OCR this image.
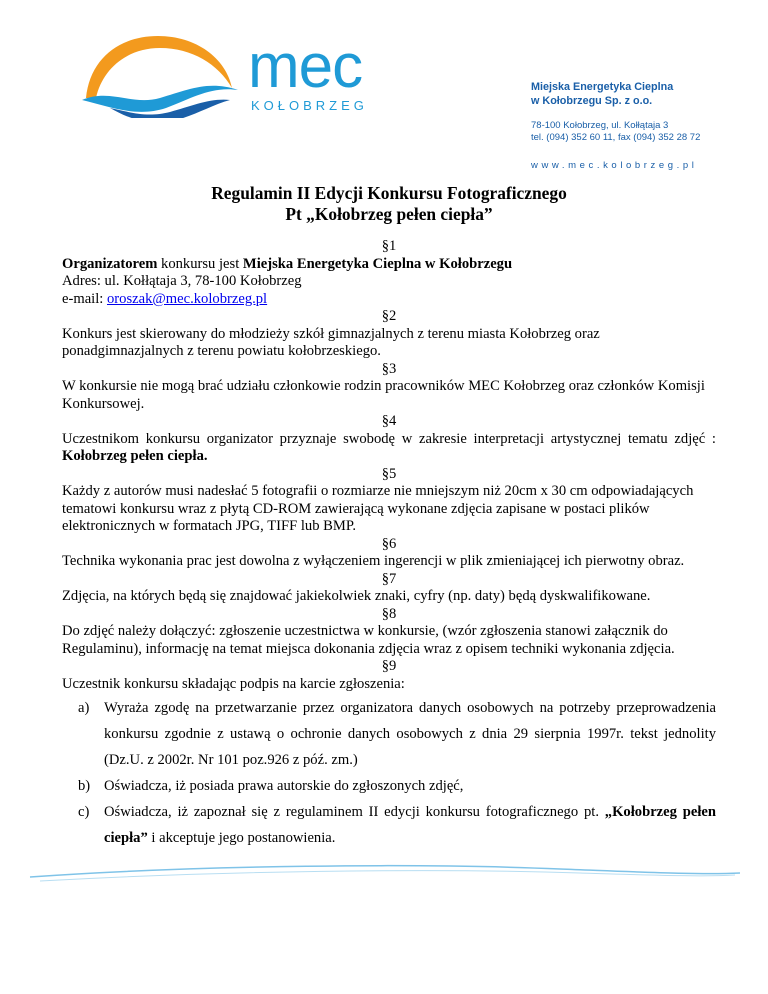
mec
KOŁOBRZEG
Miejska Energetyka Cieplna
w Kołobrzegu Sp. z o.o.
78-100 Kołobrzeg, ul. Kołłątaja 3
tel. (094) 352 60 11, fax (094) 352 28 72
www.mec.kolobrzeg.pl
Regulamin II Edycji Konkursu Fotograficznego
Pt „Kołobrzeg pełen ciepła”
§1

Organizatorem konkursu jest Miejska Energetyka Cieplna w Kołobrzegu

Adres: ul. Kołłątaja 3, 78-100 Kołobrzeg

e-mail: oroszak@mec.kolobrzeg.pl

§2

Konkurs jest skierowany do młodzieży szkół gimnazjalnych z terenu miasta Kołobrzeg oraz ponadgimnazjalnych z terenu powiatu kołobrzeskiego.

§3

W konkursie nie mogą brać udziału członkowie rodzin pracowników MEC Kołobrzeg oraz członków Komisji Konkursowej.

§4

Uczestnikom konkursu organizator przyznaje swobodę w zakresie interpretacji artystycznej tematu zdjęć : Kołobrzeg pełen ciepła.

§5

Każdy z autorów musi nadesłać 5 fotografii o rozmiarze nie mniejszym niż 20cm x 30 cm odpowiadających tematowi konkursu wraz z płytą CD-ROM zawierającą wykonane zdjęcia zapisane w postaci plików elektronicznych w formatach JPG, TIFF lub BMP.

§6

Technika wykonania prac jest dowolna z wyłączeniem ingerencji w plik zmieniającej ich pierwotny obraz.

§7

Zdjęcia, na których będą się znajdować jakiekolwiek znaki, cyfry (np. daty) będą dyskwalifikowane.

§8

Do zdjęć należy dołączyć: zgłoszenie uczestnictwa w konkursie, (wzór zgłoszenia stanowi załącznik do Regulaminu), informację na temat miejsca dokonania zdjęcia wraz z opisem techniki wykonania zdjęcia.

§9

Uczestnik konkursu składając podpis na karcie zgłoszenia:

a)	Wyraża zgodę na przetwarzanie przez organizatora danych osobowych na potrzeby przeprowadzenia konkursu zgodnie z ustawą o ochronie danych osobowych z dnia 29 sierpnia 1997r. tekst jednolity (Dz.U. z 2002r. Nr 101 poz.926 z póź. zm.)
b) Oświadcza, iż posiada prawa autorskie do zgłoszonych zdjęć,
c)	Oświadcza, iż zapoznał się z regulaminem II edycji konkursu fotograficznego pt. „Kołobrzeg pełen ciepła” i akceptuje jego postanowienia.
